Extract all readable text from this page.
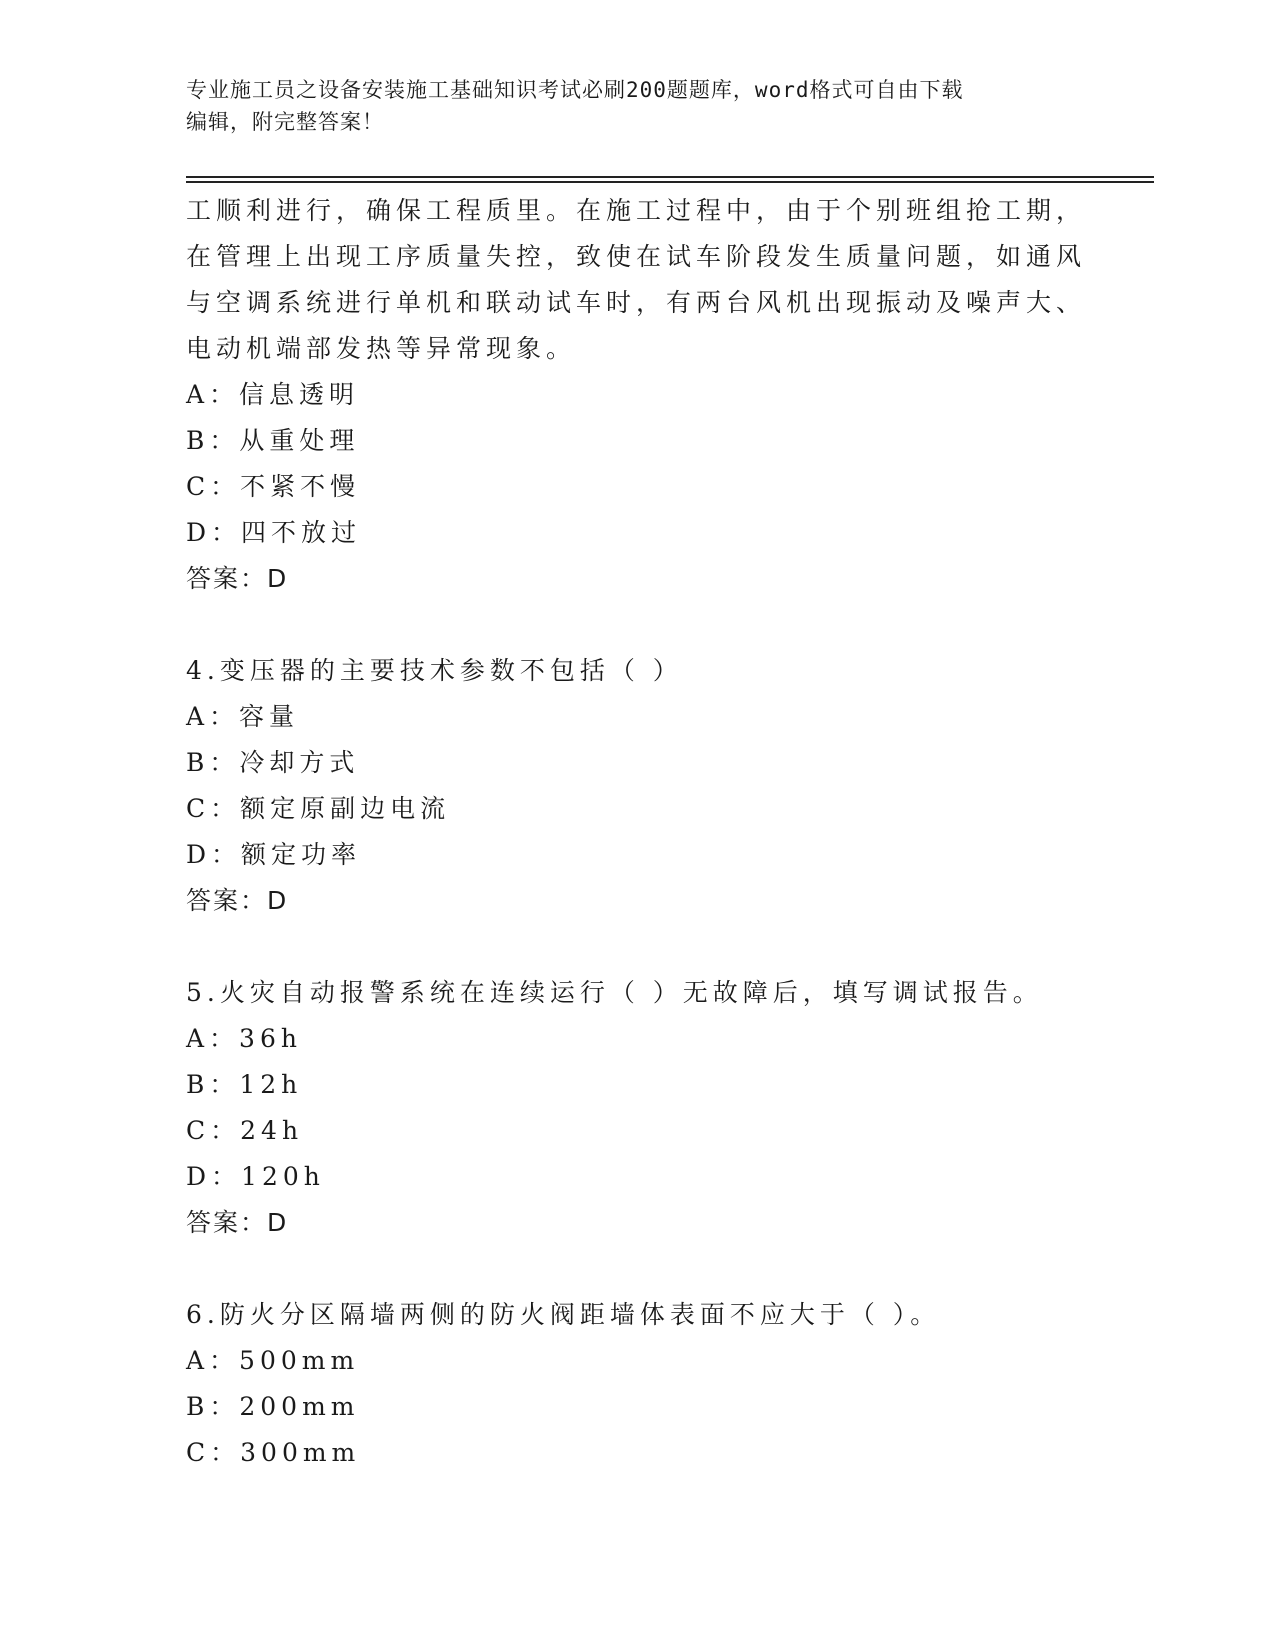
专业施工员之设备安装施工基础知识考试必刷200题题库，word格式可自由下载
编辑，附完整答案！
工顺利进行，确保工程质里。在施工过程中，由于个别班组抢工期，
在管理上出现工序质量失控，致使在试车阶段发生质量问题，如通风
与空调系统进行单机和联动试车时，有两台风机出现振动及噪声大、
电动机端部发热等异常现象。
A：信息透明
B：从重处理
C：不紧不慢
D：四不放过
答案：D
4.变压器的主要技术参数不包括（ ）
A：容量
B：冷却方式
C：额定原副边电流
D：额定功率
答案：D
5.火灾自动报警系统在连续运行（ ）无故障后，填写调试报告。
A：36h
B：12h
C：24h
D：120h
答案：D
6.防火分区隔墙两侧的防火阀距墙体表面不应大于（ ）。
A：500mm
B：200mm
C：300mm
